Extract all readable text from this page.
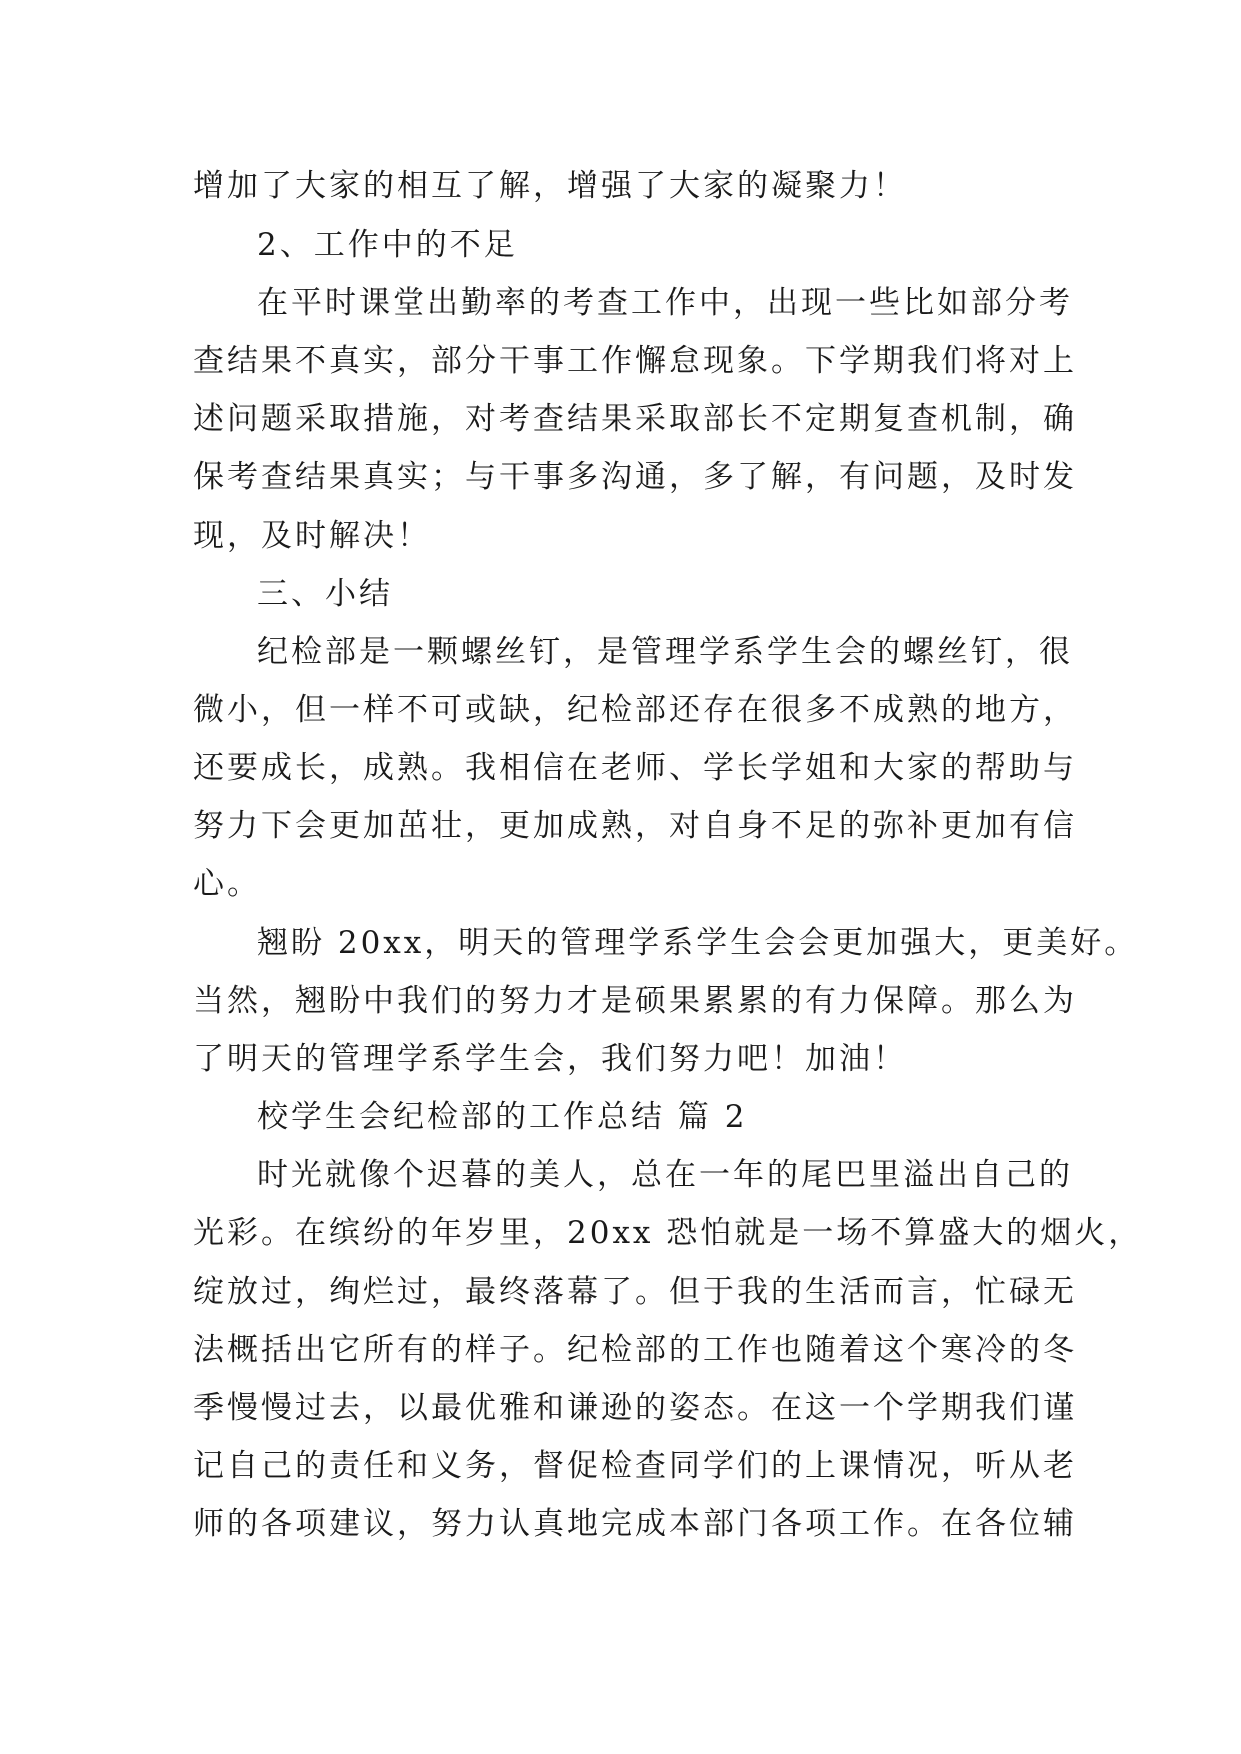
增加了大家的相互了解，增强了大家的凝聚力！
2、工作中的不足
在平时课堂出勤率的考查工作中，出现一些比如部分考
查结果不真实，部分干事工作懈怠现象。下学期我们将对上
述问题采取措施，对考查结果采取部长不定期复查机制，确
保考查结果真实；与干事多沟通，多了解，有问题，及时发
现，及时解决！
三、小结
纪检部是一颗螺丝钉，是管理学系学生会的螺丝钉，很
微小，但一样不可或缺，纪检部还存在很多不成熟的地方，
还要成长，成熟。我相信在老师、学长学姐和大家的帮助与
努力下会更加茁壮，更加成熟，对自身不足的弥补更加有信
心。
翘盼 20xx，明天的管理学系学生会会更加强大，更美好。
当然，翘盼中我们的努力才是硕果累累的有力保障。那么为
了明天的管理学系学生会，我们努力吧！加油！
校学生会纪检部的工作总结 篇 2
时光就像个迟暮的美人，总在一年的尾巴里溢出自己的
光彩。在缤纷的年岁里，20xx 恐怕就是一场不算盛大的烟火，
绽放过，绚烂过，最终落幕了。但于我的生活而言，忙碌无
法概括出它所有的样子。纪检部的工作也随着这个寒冷的冬
季慢慢过去，以最优雅和谦逊的姿态。在这一个学期我们谨
记自己的责任和义务，督促检查同学们的上课情况，听从老
师的各项建议，努力认真地完成本部门各项工作。在各位辅
